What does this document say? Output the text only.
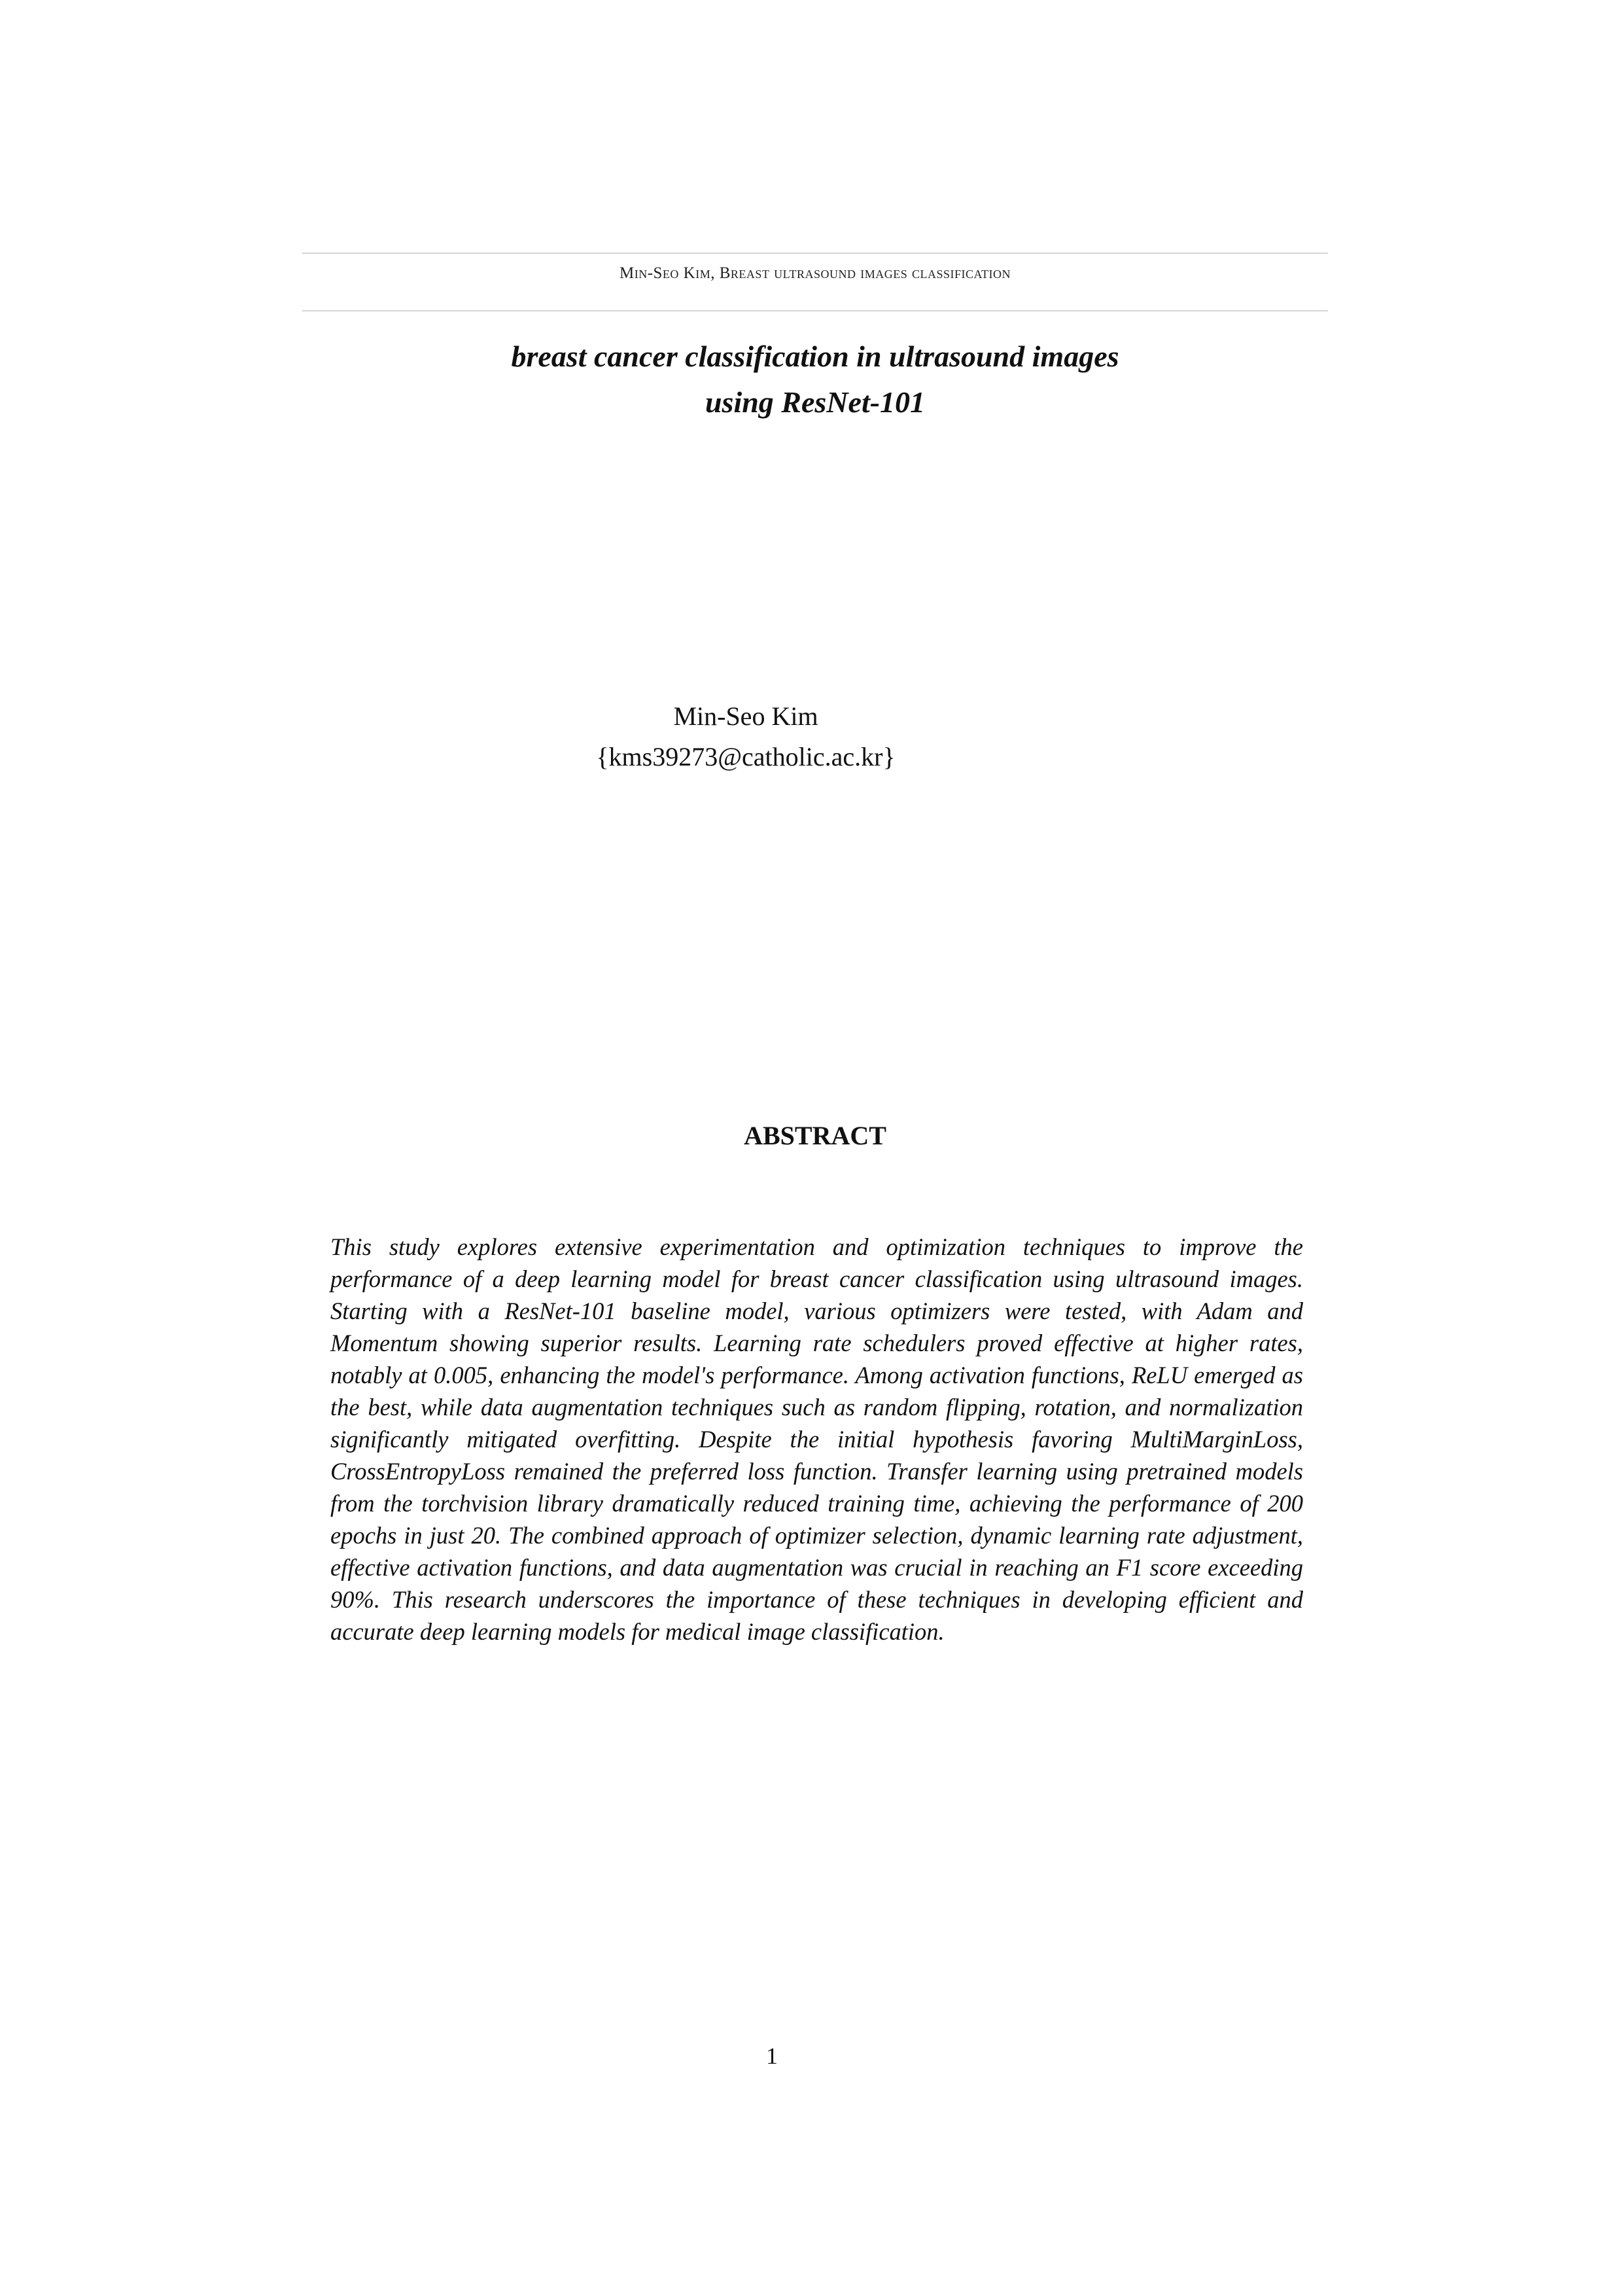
Min-Seo Kim, Breast ultrasound images classification
breast cancer classification in ultrasound images
using ResNet-101
Min-Seo Kim
{kms39273@catholic.ac.kr}
ABSTRACT

This study explores extensive experimentation and optimization techniques to improve the performance of a deep learning model for breast cancer classification using ultrasound images. Starting with a ResNet-101 baseline model, various optimizers were tested, with Adam and Momentum showing superior results. Learning rate schedulers proved effective at higher rates, notably at 0.005, enhancing the model's performance. Among activation functions, ReLU emerged as the best, while data augmentation techniques such as random flipping, rotation, and normalization significantly mitigated overfitting. Despite the initial hypothesis favoring MultiMarginLoss, CrossEntropyLoss remained the preferred loss function. Transfer learning using pretrained models from the torchvision library dramatically reduced training time, achieving the performance of 200 epochs in just 20. The combined approach of optimizer selection, dynamic learning rate adjustment, effective activation functions, and data augmentation was crucial in reaching an F1 score exceeding 90%. This research underscores the importance of these techniques in developing efficient and accurate deep learning models for medical image classification.

1
